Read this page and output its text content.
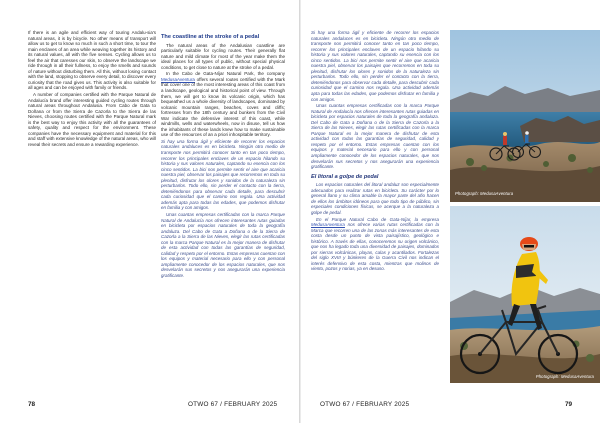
If there is an agile and efficient way of touring Andalu-sia's natural areas, it is by bicycle. No other means of transport will allow us to get to know so much in such a short time, to tour the main enclaves of an area while weaving together its history and its natural values, all with the five senses. Cycling allows us to feel the air that caresses our skin, to observe the landscape we ride through in all their fullness, to enjoy the smells and sounds of nature without disturbing them. All this, without losing contact with the land, stopping to observe every detail, to discover every curiosity that the road gives us. This activity is also suitable for all ages and can be enjoyed with family or friends.

A number of companies certified with the Parque Natural de Andalucía brand offer interesting guided cycling routes through natural areas throughout Andalusia. From Cabo de Gata to Doñana or from the Sierra de Cazorla to the Sierra de las Nieves, choosing routes certified with the Parque Natural mark is the best way to enjoy this activity with all the guarantees of safety, quality and respect for the environment. These companies have the necessary equipment and material for this and staff with extensive knowledge of the natural areas, who will reveal their secrets and ensure a rewarding experience.

The coastline at the stroke of a pedal

The natural areas of the Andalusian coastline are particularly suitable for cycling routes. Their generally flat nature and mild climate for most of the year make them the ideal places for all types of public, without special physical conditions, to get close to nature at the stroke of a pedal.

In the Cabo de Gata-Níjar Natural Park, the company MedusaAventura offers several routes certified with the Mark that cover one of the most interesting areas of this coast from a landscape, geological and historical point of view. Through them, we will get to know its volcanic origin, which has bequeathed us a whole diversity of landscapes, dominated by volcanic mountain ranges, beaches, coves and cliffs; fortresses from the 18th century and bunkers from the Civil War indicate the defensive interest of this coast, while windmills, wells and waterwheels, now in disuse, tell us how the inhabitants of these lands knew how to make sustainable use of the resources of an a priori inhospitable territory.

Si hay una forma ágil y eficiente de recorrer los espacios naturales andaluces es en bicicleta. Ningún otro medio de transporte nos permitirá conocer tanto en tan poco tiempo, recorrer los principales enclaves de un espacio hilando su historia y sus valores naturales, captando su esencia con los cinco sentidos. La bici nos permite sentir el aire que acaricia nuestra piel, observar los paisajes que recorremos en toda su plenitud, disfrutar los olores y sonidos de la naturaleza sin perturbarlos. Todo ello, sin perder el contacto con la tierra, deteniéndonos para observar cada detalle, para descubrir cada curiosidad que el camino nos regala. Una actividad además apta para todas las edades, que podemos disfrutar en familia y con amigos.

Unas cuantas empresas certificadas con la marca Parque Natural de Andalucía nos ofrecen interesantes rutas guiadas en bicicleta por espacios naturales de toda la geografía andaluza. Del Cabo de Gata a Doñana o de la Sierra de Cazorla a la Sierra de las Nieves, elegir las rutas certificadas con la marca Parque Natural es la mejor manera de disfrutar de esta actividad con todas las garantías de seguridad, calidad y respeto por el entorno. Estas empresas cuentan con los equipos y material necesario para ello y con personal ampliamente conocedor de los espacios naturales, que nos desvelarán sus secretos y nos asegurarán una experiencia gratificante.

78	OTWO 67 / FEBRUARY 2025

Si hay una forma ágil y eficiente de recorrer los espacios naturales andaluces es en bicicleta. Ningún otro medio de transporte nos permitirá conocer tanto en tan poco tiempo, recorrer los principales enclaves de un espacio hilando su historia y sus valores naturales, captando su esencia con los cinco sentidos. La bici nos permite sentir el aire que acaricia nuestra piel, observar los paisajes que recorremos en toda su plenitud, disfrutar los olores y sonidos de la naturaleza sin perturbarlos. Todo ello, sin perder el contacto con la tierra, deteniéndonos para observar cada detalle, para descubrir cada curiosidad que el camino nos regala. Una actividad además apta para todas las edades, que podemos disfrutar en familia y con amigos.

Unas cuantas empresas certificadas con la marca Parque Natural de Andalucía nos ofrecen interesantes rutas guiadas en bicicleta por espacios naturales de toda la geografía andaluza. Del Cabo de Gata a Doñana o de la Sierra de Cazorla a la Sierra de las Nieves, elegir las rutas certificadas con la marca Parque Natural es la mejor manera de disfrutar de esta actividad con todas las garantías de seguridad, calidad y respeto por el entorno. Estas empresas cuentan con los equipos y material necesario para ello y con personal ampliamente conocedor de los espacios naturales, que nos desvelarán sus secretos y nos asegurarán una experiencia gratificante.

El litoral a golpe de pedal

Los espacios naturales del litoral andaluz son especialmente adecuados para realizar rutas en bicicleta. Su carácter por lo general llano y su clima amable la mayor parte del año hacen de ellos los ámbitos idóneos para que todo tipo de público, sin especiales condiciones físicas, se acerque a la naturaleza a golpe de pedal.

En el Parque Natural Cabo de Gata-Níjar, la empresa MedusaAventura nos ofrece varias rutas certificadas con la Marca que recorren una de las zonas más interesantes de esta costa desde un punto de vista paisajístico, geológico e histórico. A través de ellas, conoceremos su origen volcánico, que nos ha legado toda una diversidad de paisajes, dominados por sierras volcánicas, playas, calas y acantilados. Fortalezas del siglo XVIII y búnkeres de la Guerra Civil nos indican el interés defensivo de esta costa, mientras que molinos de viento, pozos y norias, ya en desuso.

Photograph: MedusaAventura
Photograph: MedusaAventura
OTWO 67 / FEBRUARY 2025	79
